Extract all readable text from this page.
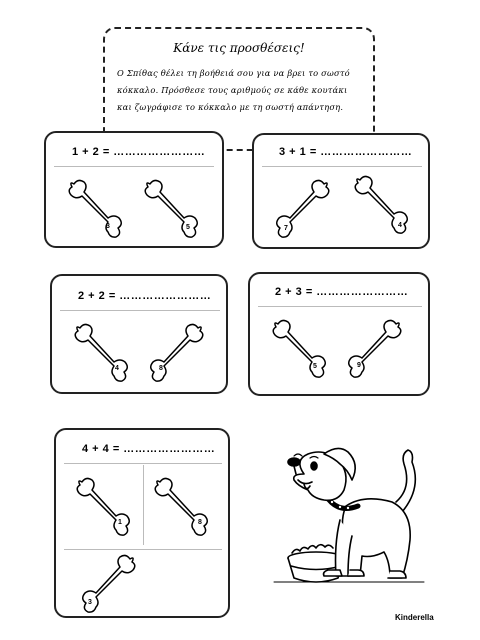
Κάνε τις προσθέσεις!
Ο Σπίθας θέλει τη βοήθειά σου για να βρει το σωστό
κόκκαλο. Πρόσθεσε τους αριθμούς σε κάθε κουτάκι
και ζωγράφισε το κόκκαλο με τη σωστή απάντηση.
1 + 2 = ……………………
3	5
3 + 1 = ……………………
7	4
2 + 2 = ……………………
4	8
2 + 3 = ……………………
5	9
4 + 4 = ……………………
1	8
3
Kinderella
